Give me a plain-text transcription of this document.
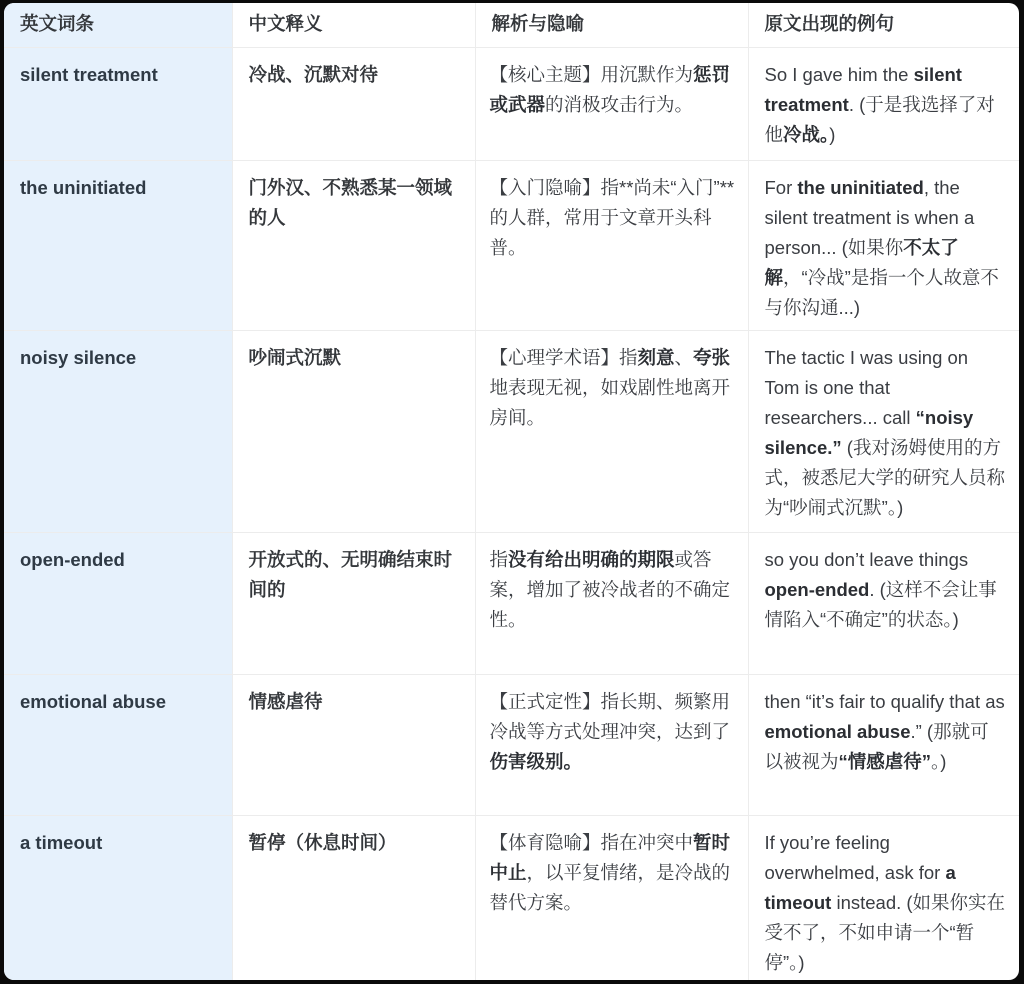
英文词条	中文释义	解析与隐喻	原文出现的例句
silent treatment	冷战、沉默对待	【核心主题】用沉默作为惩罚或武器的消极攻击行为。	So I gave him the silent treatment. (于是我选择了对他冷战。)
the uninitiated	门外汉、不熟悉某一领域的人	【入门隐喻】指**尚未“入门”**的人群，常用于文章开头科普。	For the uninitiated, the silent treatment is when a person... (如果你不太了解，“冷战”是指一个人故意不与你沟通...)
noisy silence	吵闹式沉默	【心理学术语】指刻意、夸张地表现无视，如戏剧性地离开房间。	The tactic I was using on Tom is one that researchers... call “noisy silence.” (我对汤姆使用的方式，被悉尼大学的研究人员称为“吵闹式沉默”。)
open-ended	开放式的、无明确结束时间的	指没有给出明确的期限或答案，增加了被冷战者的不确定性。	so you don’t leave things open-ended. (这样不会让事情陷入“不确定”的状态。)
emotional abuse	情感虐待	【正式定性】指长期、频繁用冷战等方式处理冲突，达到了伤害级别。	then “it’s fair to qualify that as emotional abuse.” (那就可以被视为“情感虐待”。)
a timeout	暂停（休息时间）	【体育隐喻】指在冲突中暂时中止，以平复情绪，是冷战的替代方案。	If you’re feeling overwhelmed, ask for a timeout instead. (如果你实在受不了，不如申请一个“暂停”。)
